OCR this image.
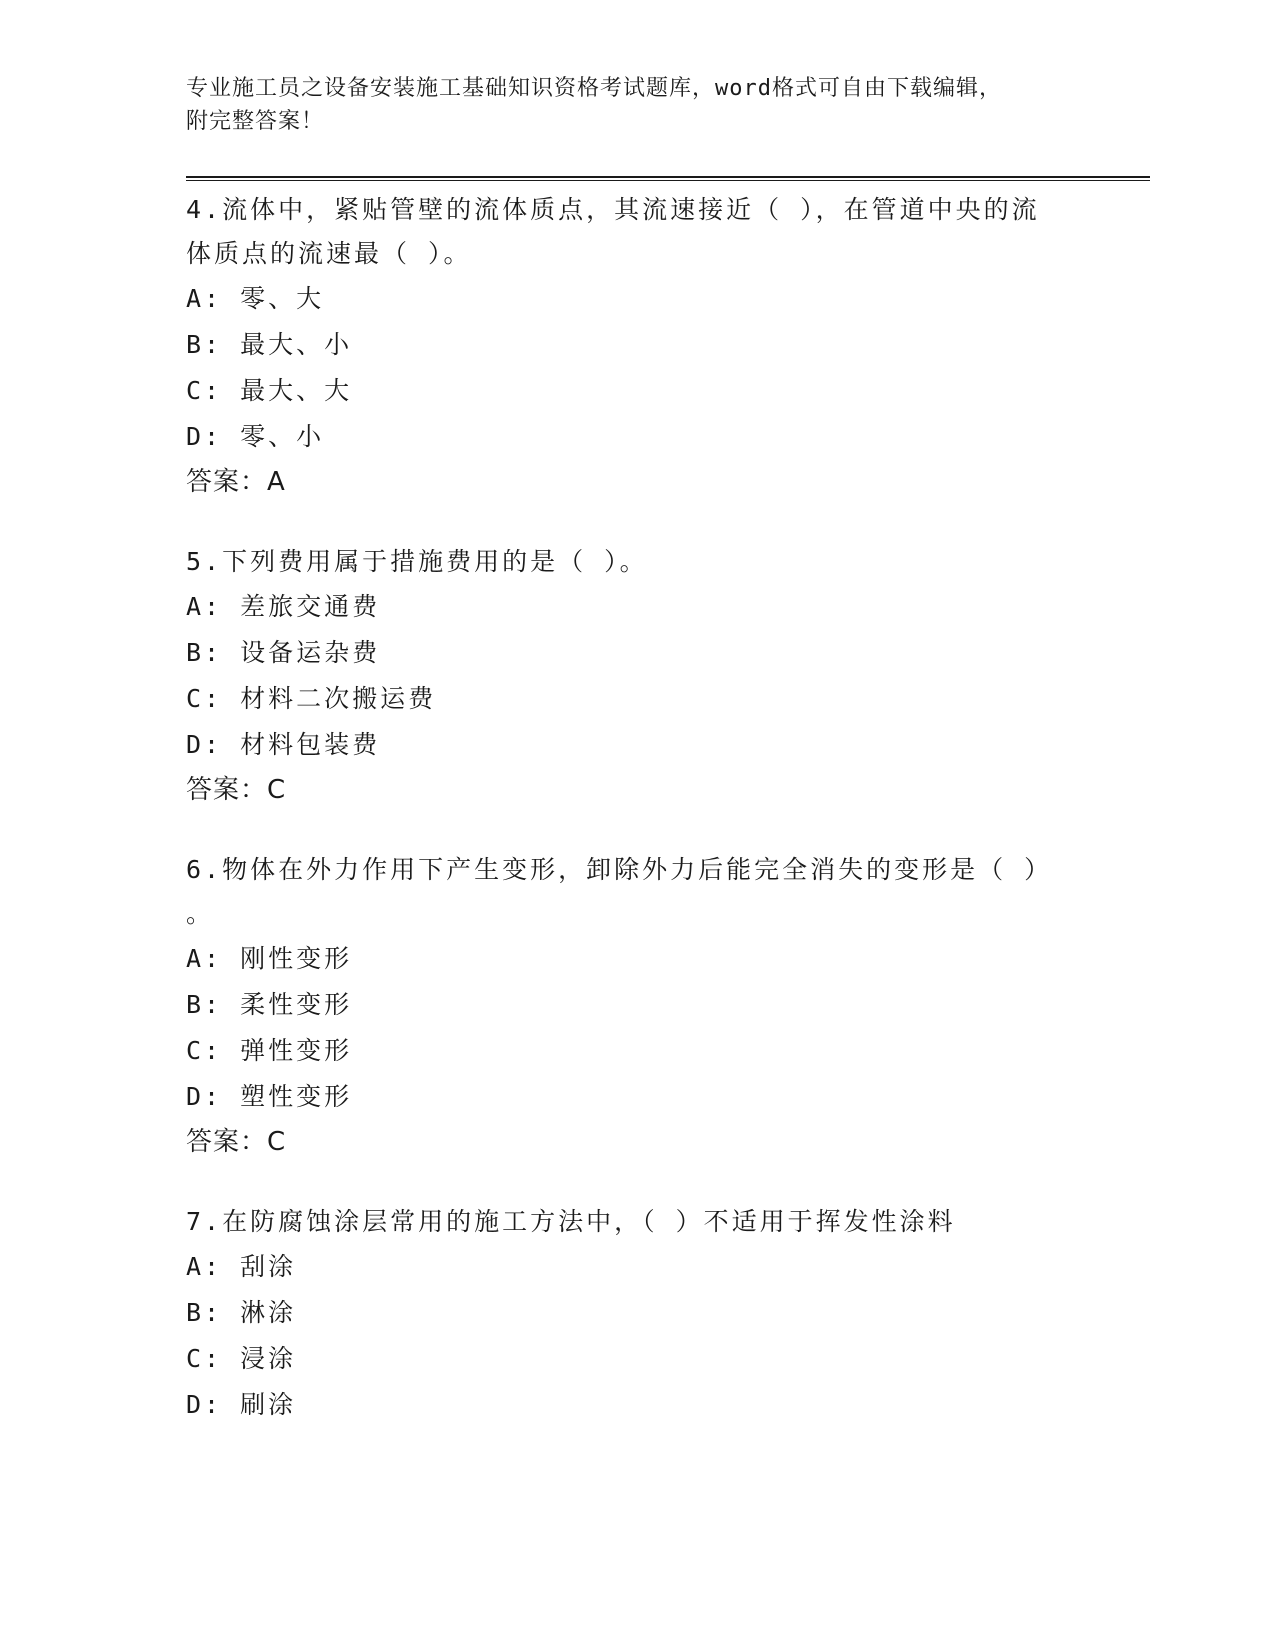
专业施工员之设备安装施工基础知识资格考试题库，word格式可自由下载编辑，
附完整答案！
4.流体中，紧贴管壁的流体质点，其流速接近（ ），在管道中央的流
体质点的流速最（ ）。
A: 零、大
B: 最大、小
C: 最大、大
D: 零、小
答案：A
5.下列费用属于措施费用的是（ ）。
A: 差旅交通费
B: 设备运杂费
C: 材料二次搬运费
D: 材料包装费
答案：C
6.物体在外力作用下产生变形，卸除外力后能完全消失的变形是（ ）
。
A: 刚性变形
B: 柔性变形
C: 弹性变形
D: 塑性变形
答案：C
7.在防腐蚀涂层常用的施工方法中，（ ）不适用于挥发性涂料
A: 刮涂
B: 淋涂
C: 浸涂
D: 刷涂
